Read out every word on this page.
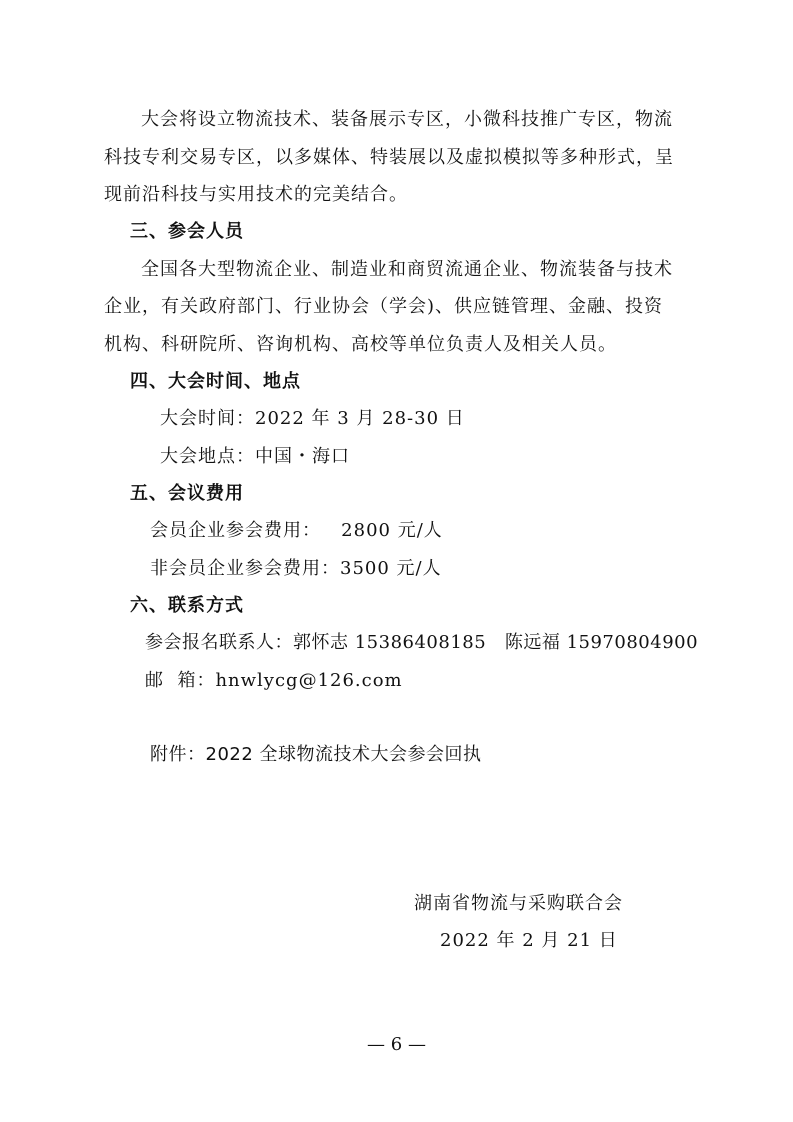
大会将设立物流技术、装备展示专区，小微科技推广专区，物流
科技专利交易专区，以多媒体、特装展以及虚拟模拟等多种形式，呈
现前沿科技与实用技术的完美结合。
三、参会人员
全国各大型物流企业、制造业和商贸流通企业、物流装备与技术
企业，有关政府部门、行业协会（学会)、供应链管理、金融、投资
机构、科研院所、咨询机构、高校等单位负责人及相关人员。
四、大会时间、地点
大会时间：2022 年 3 月 28-30 日
大会地点：中国・海口
五、会议费用
会员企业参会费用：   2800 元/人
非会员企业参会费用：3500 元/人
六、联系方式
参会报名联系人：郭怀志 15386408185   陈远福 15970804900
邮  箱：hnwlycg@126.com
附件：2022 全球物流技术大会参会回执
湖南省物流与采购联合会
2022 年 2 月 21 日
— 6 —
